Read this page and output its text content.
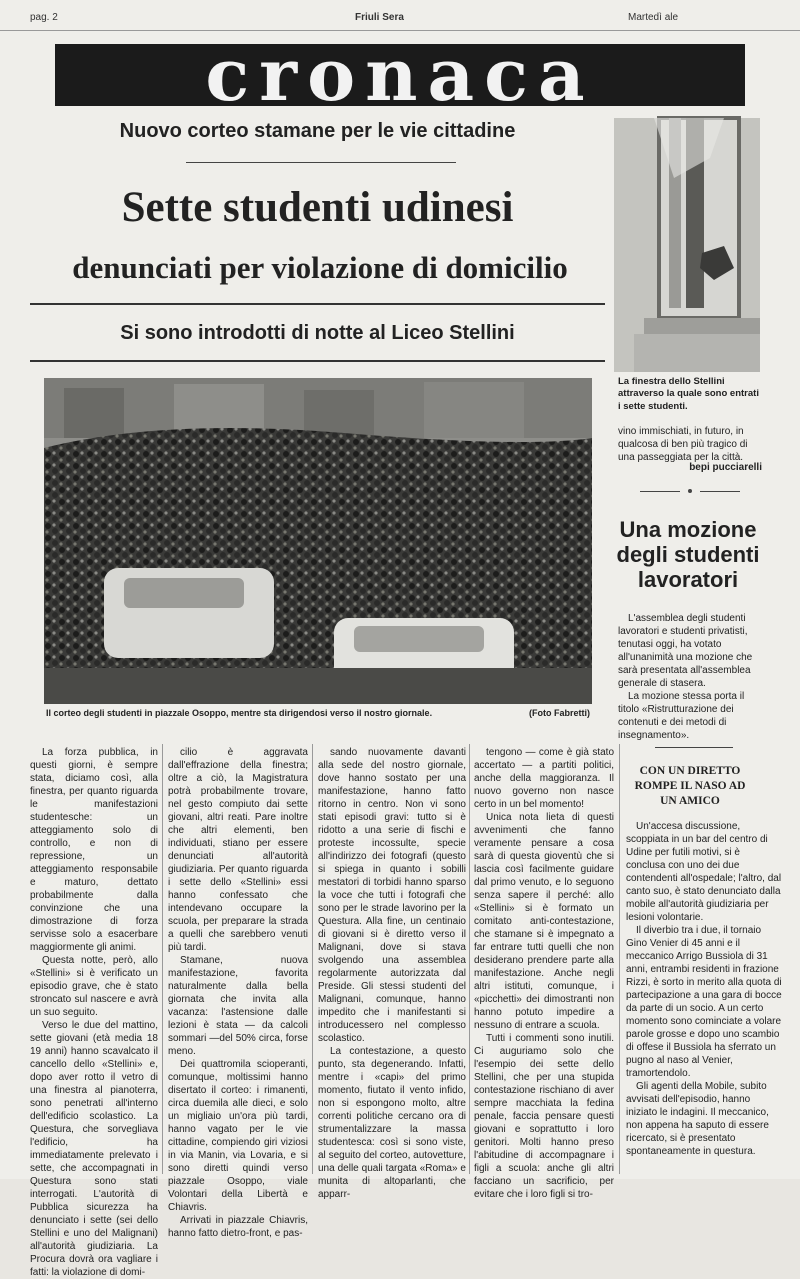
pag. 2	Friuli Sera	Martedì ale
cronaca
Nuovo corteo stamane per le vie cittadine
Sette studenti udinesi
denunciati per violazione di domicilio
Si sono introdotti di notte al Liceo Stellini
Il corteo degli studenti in piazzale Osoppo, mentre sta dirigendosi verso il nostro giornale.	(Foto Fabretti)
La finestra dello Stellini attraverso la quale sono entrati i sette studenti.
vino immischiati, in futuro, in qualcosa di ben più tragico di una passeggiata per la città.
bepi pucciarelli
Una mozione degli studenti lavoratori
L'assemblea degli studenti lavoratori e studenti privatisti, tenutasi oggi, ha votato all'unanimità una mozione che sarà presentata all'assemblea generale di stasera.
La mozione stessa porta il titolo «Ristrutturazione dei contenuti e dei metodi di insegnamento».
CON UN DIRETTO ROMPE IL NASO AD UN AMICO
Un'accesa discussione, scoppiata in un bar del centro di Udine per futili motivi, si è conclusa con uno dei due contendenti all'ospedale; l'altro, dal canto suo, è stato denunciato dalla mobile all'autorità giudiziaria per lesioni volontarie.
Il diverbio tra i due, il tornaio Gino Venier di 45 anni e il meccanico Arrigo Bussiola di 31 anni, entrambi residenti in frazione Rizzi, è sorto in merito alla quota di partecipazione a una gara di bocce da parte di un socio. A un certo momento sono cominciate a volare parole grosse e dopo uno scambio di offese il Bussiola ha sferrato un pugno al naso al Venier, tramortendolo.
Gli agenti della Mobile, subito avvisati dell'episodio, hanno iniziato le indagini. Il meccanico, non appena ha saputo di essere ricercato, si è presentato spontaneamente in questura.

La forza pubblica, in questi giorni, è sempre stata, diciamo così, alla finestra, per quanto riguarda le manifestazioni studentesche: un atteggiamento solo di controllo, e non di repressione, un atteggiamento responsabile e maturo, dettato probabilmente dalla convinzione che una dimostrazione di forza servisse solo a esacerbare maggiormente gli animi.

Questa notte, però, allo «Stellini» si è verificato un episodio grave, che è stato stroncato sul nascere e avrà un suo seguito.

Verso le due del mattino, sette giovani (età media 18 19 anni) hanno scavalcato il cancello dello «Stellini» e, dopo aver rotto il vetro di una finestra al pianoterra, sono penetrati all'interno dell'edificio scolastico. La Questura, che sorvegliava l'edificio, ha immediatamente prelevato i sette, che accompagnati in Questura sono stati interrogati. L'autorità di Pubblica sicurezza ha denunciato i sette (sei dello Stellini e uno del Malignani) all'autorità giudiziaria. La Procura dovrà ora vagliare i fatti: la violazione di domi-

cilio è aggravata dall'effrazione della finestra; oltre a ciò, la Magistratura potrà probabilmente trovare, nel gesto compiuto dai sette giovani, altri reati. Pare inoltre che altri elementi, ben individuati, stiano per essere denunciati all'autorità giudiziaria. Per quanto riguarda i sette dello «Stellini» essi hanno confessato che intendevano occupare la scuola, per preparare la strada a quelli che sarebbero venuti più tardi.

Stamane, nuova manifestazione, favorita naturalmente dalla bella giornata che invita alla vacanza: l'astensione dalle lezioni è stata — da calcoli sommari —del 50% circa, forse meno.

Dei quattromila scioperanti, comunque, moltissimi hanno disertato il corteo: i rimanenti, circa duemila alle dieci, e solo un migliaio un'ora più tardi, hanno vagato per le vie cittadine, compiendo giri viziosi in via Manin, via Lovaria, e si sono diretti quindi verso piazzale Osoppo, viale Volontari della Libertà e Chiavris.

Arrivati in piazzale Chiavris, hanno fatto dietro-front, e pas-

sando nuovamente davanti alla sede del nostro giornale, dove hanno sostato per una manifestazione, hanno fatto ritorno in centro. Non vi sono stati episodi gravi: tutto si è ridotto a una serie di fischi e proteste incossulte, specie all'indirizzo dei fotografi (questo si spiega in quanto i sobilli mestatori di torbidi hanno sparso la voce che tutti i fotografi che sono per le strade lavorino per la Questura. Alla fine, un centinaio di giovani si è diretto verso il Malignani, dove si stava svolgendo una assemblea regolarmente autorizzata dal Preside. Gli stessi studenti del Malignani, comunque, hanno impedito che i manifestanti si introducessero nel complesso scolastico.

La contestazione, a questo punto, sta degenerando. Infatti, mentre i «capi» del primo momento, fiutato il vento infido, non si espongono molto, altre correnti politiche cercano ora di strumentalizzare la massa studentesca: così si sono viste, al seguito del corteo, autovetture, una delle quali targata «Roma» e munita di altoparlanti, che apparr-

tengono — come è già stato accertato — a partiti politici, anche della maggioranza. Il nuovo governo non nasce certo in un bel momento!

Unica nota lieta di questi avvenimenti che fanno veramente pensare a cosa sarà di questa gioventù che si lascia così facilmente guidare dal primo venuto, e lo seguono senza sapere il perché: allo «Stellini» si è formato un comitato anti-contestazione, che stamane si è impegnato a far entrare tutti quelli che non desiderano prendere parte alla manifestazione. Anche negli altri istituti, comunque, i «picchetti» dei dimostranti non hanno potuto impedire a nessuno di entrare a scuola.

Tutti i commenti sono inutili. Ci auguriamo solo che l'esempio dei sette dello Stellini, che per una stupida contestazione rischiano di aver sempre macchiata la fedina penale, faccia pensare questi giovani e soprattutto i loro genitori. Molti hanno preso l'abitudine di accompagnare i figli a scuola: anche gli altri facciano un sacrificio, per evitare che i loro figli si tro-
